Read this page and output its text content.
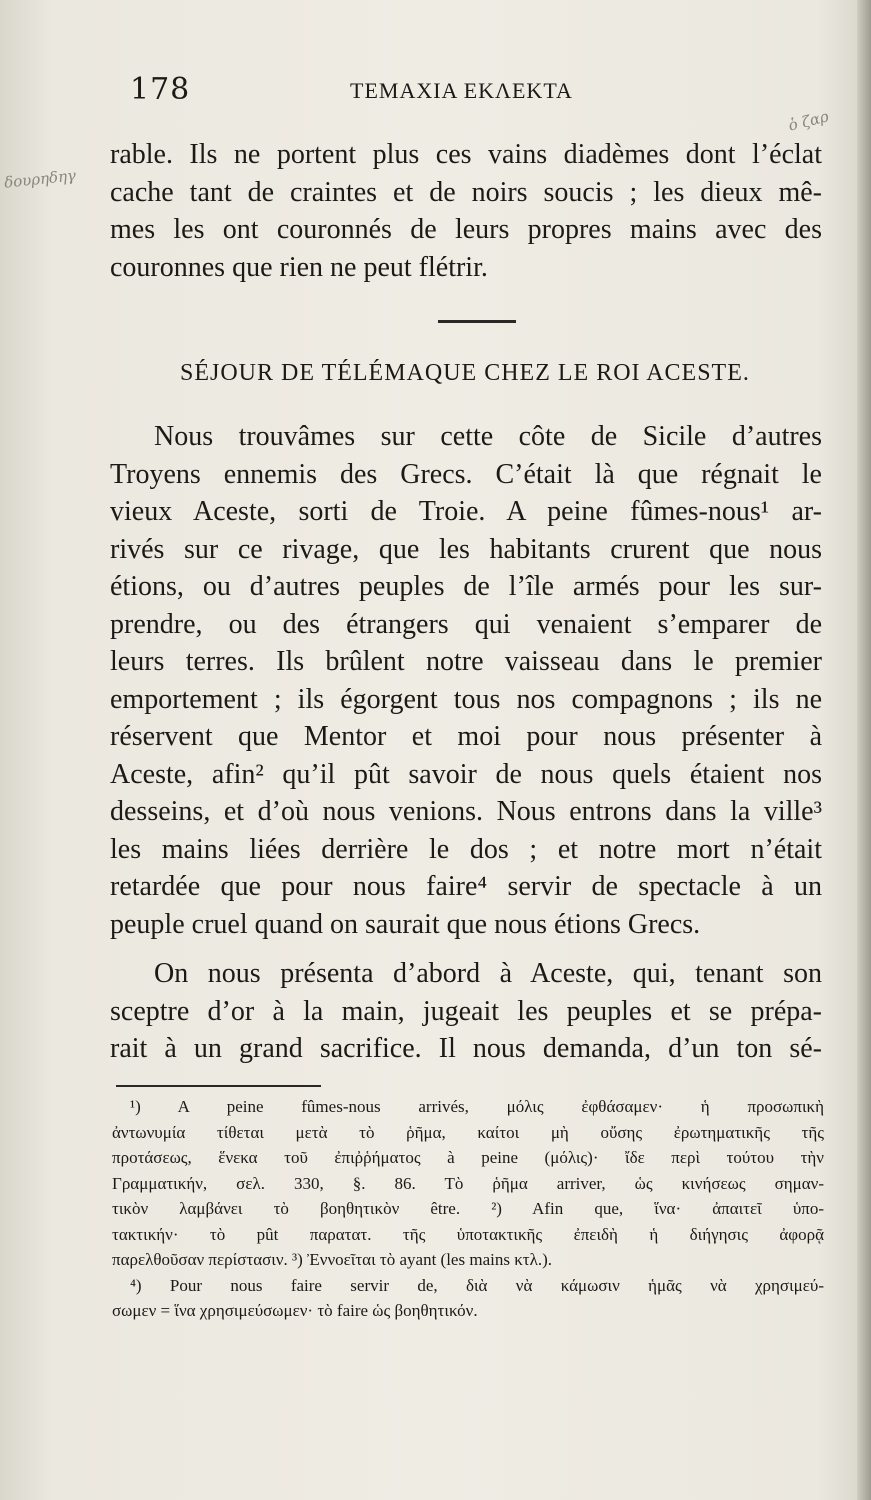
δουρηδηγ
ὁ ζαρ
178	TEMAXIA EKΛEKTA
rable. Ils ne portent plus ces vains diadèmes dont l’éclat
cache tant de craintes et de noirs soucis ; les dieux mê-
mes les ont couronnés de leurs propres mains avec des
couronnes que rien ne peut flétrir.
SÉJOUR DE TÉLÉMAQUE CHEZ LE ROI ACESTE.
Nous trouvâmes sur cette côte de Sicile d’autres
Troyens ennemis des Grecs. C’était là que régnait le
vieux Aceste, sorti de Troie. A peine fûmes-nous¹ ar-
rivés sur ce rivage, que les habitants crurent que nous
étions, ou d’autres peuples de l’île armés pour les sur-
prendre, ou des étrangers qui venaient s’emparer de
leurs terres. Ils brûlent notre vaisseau dans le premier
emportement ; ils égorgent tous nos compagnons ; ils ne
réservent que Mentor et moi pour nous présenter à
Aceste, afin² qu’il pût savoir de nous quels étaient nos
desseins, et d’où nous venions. Nous entrons dans la ville³
les mains liées derrière le dos ; et notre mort n’était
retardée que pour nous faire⁴ servir de spectacle à un
peuple cruel quand on saurait que nous étions Grecs.
On nous présenta d’abord à Aceste, qui, tenant son
sceptre d’or à la main, jugeait les peuples et se prépa-
rait à un grand sacrifice. Il nous demanda, d’un ton sé-
¹) A peine fûmes-nous arrivés, μόλις ἐφθάσαμεν· ἡ προσωπικὴ
ἀντωνυμία τίθεται μετὰ τὸ ῥῆμα, καίτοι μὴ οὔσης ἐρωτηματικῆς τῆς
προτάσεως, ἕνεκα τοῦ ἐπιῤῥήματος à peine (μόλις)· ἴδε περὶ τούτου τὴν
Γραμματικήν, σελ. 330, §. 86. Τὸ ῥῆμα arriver, ὡς κινήσεως σημαν-
τικὸν λαμβάνει τὸ βοηθητικὸν être. ²) Afin que, ἵνα· ἀπαιτεῖ ὑπο-
τακτικήν· τὸ pût παρατατ. τῆς ὑποτακτικῆς ἐπειδὴ ἡ διήγησις ἀφορᾷ
παρελθοῦσαν περίστασιν. ³) Ἐννοεῖται τὸ ayant (les mains κτλ.).
⁴) Pour nous faire servir de, διὰ νὰ κάμωσιν ἡμᾶς νὰ χρησιμεύ-
σωμεν = ἵνα χρησιμεύσωμεν· τὸ faire ὡς βοηθητικόν.
